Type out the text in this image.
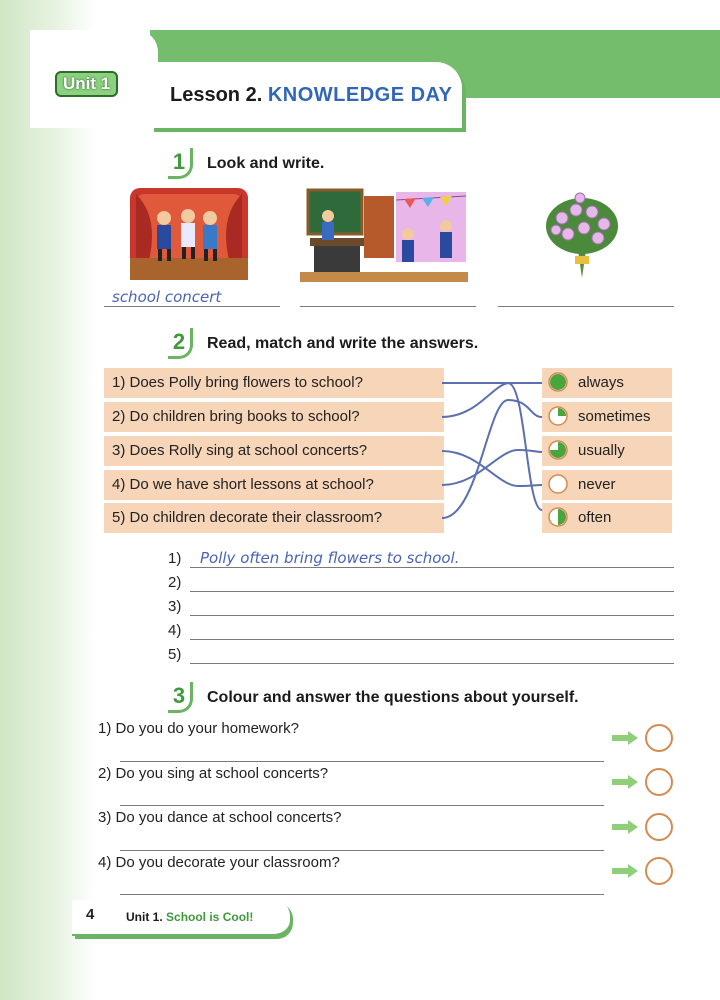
Unit 1
Lesson 2. KNOWLEDGE DAY
1	Look and write.
school concert
2	Read, match and write the answers.
1) Does Polly bring flowers to school?
2) Do children bring books to school?
3) Does Rolly sing at school concerts?
4) Do we have short lessons at school?
5) Do children decorate their classroom?
always
sometimes
usually
never
often
1) Polly often bring flowers to school.
2)
3)
4)
5)
3	Colour and answer the questions about yourself.
1) Do you do your homework?
2) Do you sing at school concerts?
3) Do you dance at school concerts?
4) Do you decorate your classroom?
4	Unit 1. School is Cool!
